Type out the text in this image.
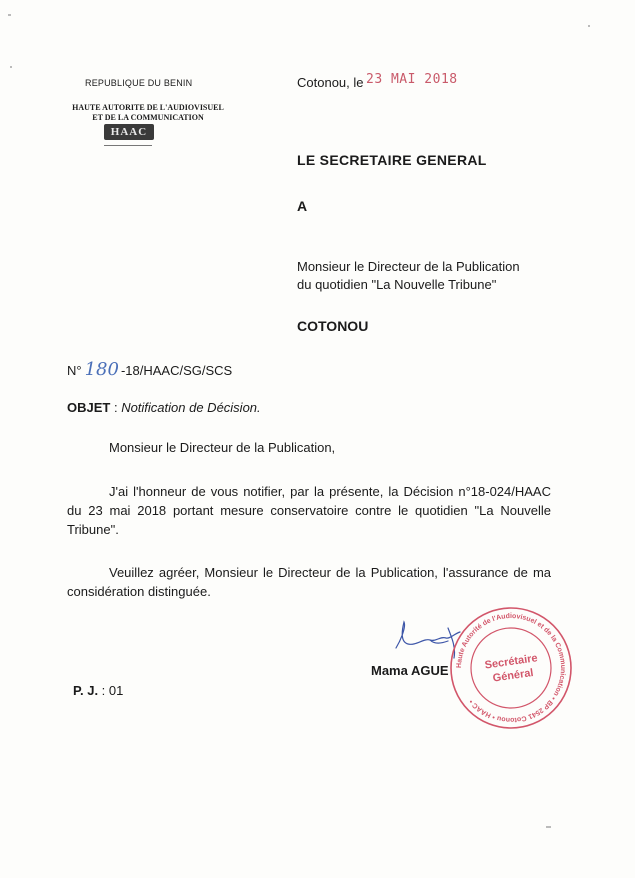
REPUBLIQUE DU BENIN
HAUTE AUTORITE DE L'AUDIOVISUEL
ET DE LA COMMUNICATION
HAAC
Cotonou, le 23 MAI 2018
LE SECRETAIRE GENERAL
A
Monsieur le Directeur de la Publication
du quotidien "La Nouvelle Tribune"
COTONOU
N° 180 -18/HAAC/SG/SCS
OBJET : Notification de Décision.
Monsieur le Directeur de la Publication,
J'ai l'honneur de vous notifier, par la présente, la Décision n°18-024/HAAC du 23 mai 2018 portant mesure conservatoire contre le quotidien "La Nouvelle Tribune".
Veuillez agréer, Monsieur le Directeur de la Publication, l'assurance de ma considération distinguée.
Mama AGUE Haute Autorité de l'Audiovisuel et de la Communication • BP 2541 Cotonou • HAAC •
Secrétaire
Général
P. J. : 01
